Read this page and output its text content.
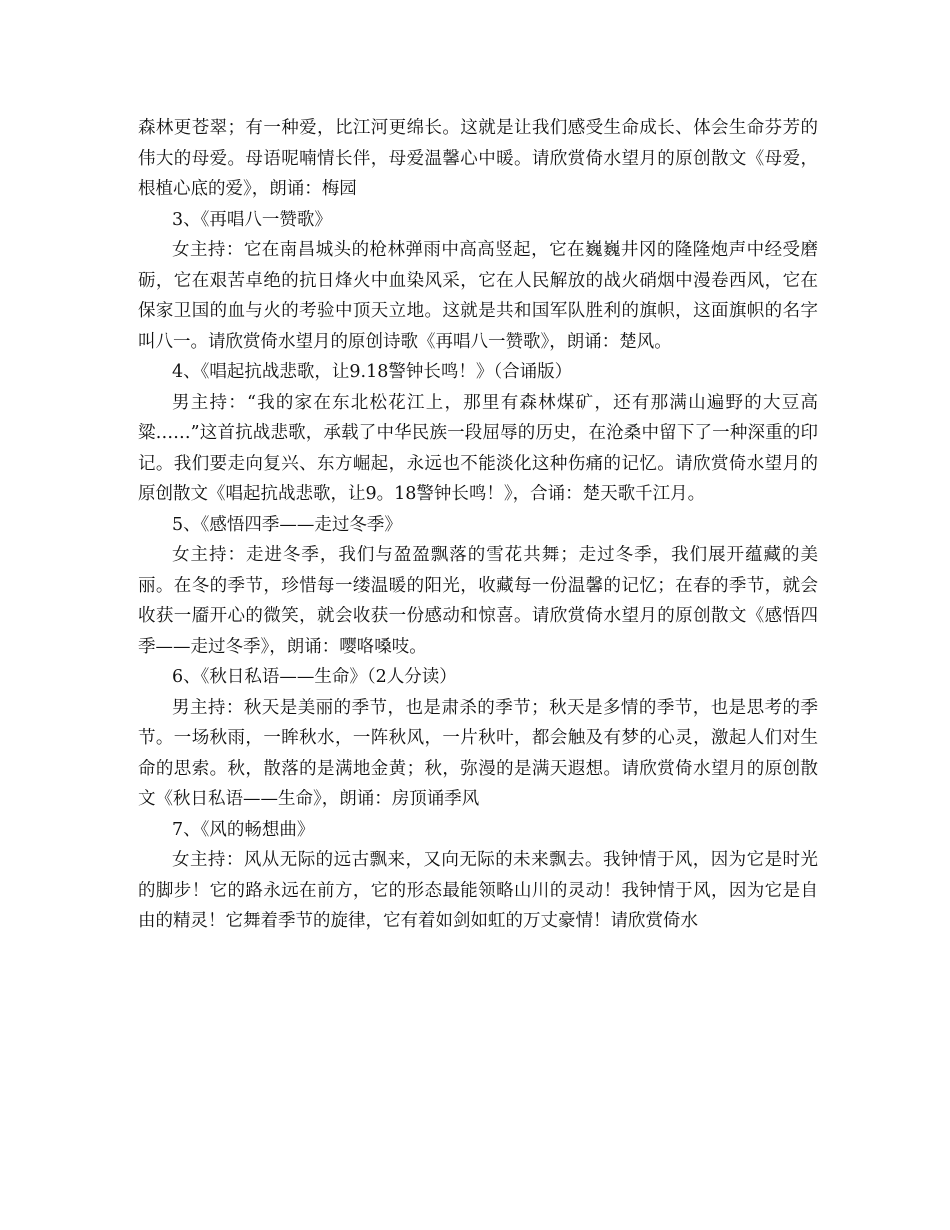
森林更苍翠；有一种爱，比江河更绵长。这就是让我们感受生命成长、体会生命芬芳的伟大的母爱。母语呢喃情长伴，母爱温馨心中暖。请欣赏倚水望月的原创散文《母爱，根植心底的爱》，朗诵：梅园

3、《再唱八一赞歌》

女主持：它在南昌城头的枪林弹雨中高高竖起，它在巍巍井冈的隆隆炮声中经受磨砺，它在艰苦卓绝的抗日烽火中血染风采，它在人民解放的战火硝烟中漫卷西风，它在保家卫国的血与火的考验中顶天立地。这就是共和国军队胜利的旗帜，这面旗帜的名字叫八一。请欣赏倚水望月的原创诗歌《再唱八一赞歌》，朗诵：楚风。

4、《唱起抗战悲歌，让9.18警钟长鸣！》（合诵版）

男主持：“我的家在东北松花江上，那里有森林煤矿，还有那满山遍野的大豆高粱……”这首抗战悲歌，承载了中华民族一段屈辱的历史，在沧桑中留下了一种深重的印记。我们要走向复兴、东方崛起，永远也不能淡化这种伤痛的记忆。请欣赏倚水望月的原创散文《唱起抗战悲歌，让9。18警钟长鸣！》，合诵：楚天歌千江月。

5、《感悟四季——走过冬季》

女主持：走进冬季，我们与盈盈飘落的雪花共舞；走过冬季，我们展开蕴藏的美丽。在冬的季节，珍惜每一缕温暖的阳光，收藏每一份温馨的记忆；在春的季节，就会收获一靥开心的微笑，就会收获一份感动和惊喜。请欣赏倚水望月的原创散文《感悟四季——走过冬季》，朗诵：嘤咯嗓吱。

6、《秋日私语——生命》（2人分读）

男主持：秋天是美丽的季节，也是肃杀的季节；秋天是多情的季节，也是思考的季节。一场秋雨，一眸秋水，一阵秋风，一片秋叶，都会触及有梦的心灵，激起人们对生命的思索。秋，散落的是满地金黄；秋，弥漫的是满天遐想。请欣赏倚水望月的原创散文《秋日私语——生命》，朗诵：房顶诵季风

7、《风的畅想曲》

女主持：风从无际的远古飘来，又向无际的未来飘去。我钟情于风，因为它是时光的脚步！它的路永远在前方，它的形态最能领略山川的灵动！我钟情于风，因为它是自由的精灵！它舞着季节的旋律，它有着如剑如虹的万丈豪情！请欣赏倚水
